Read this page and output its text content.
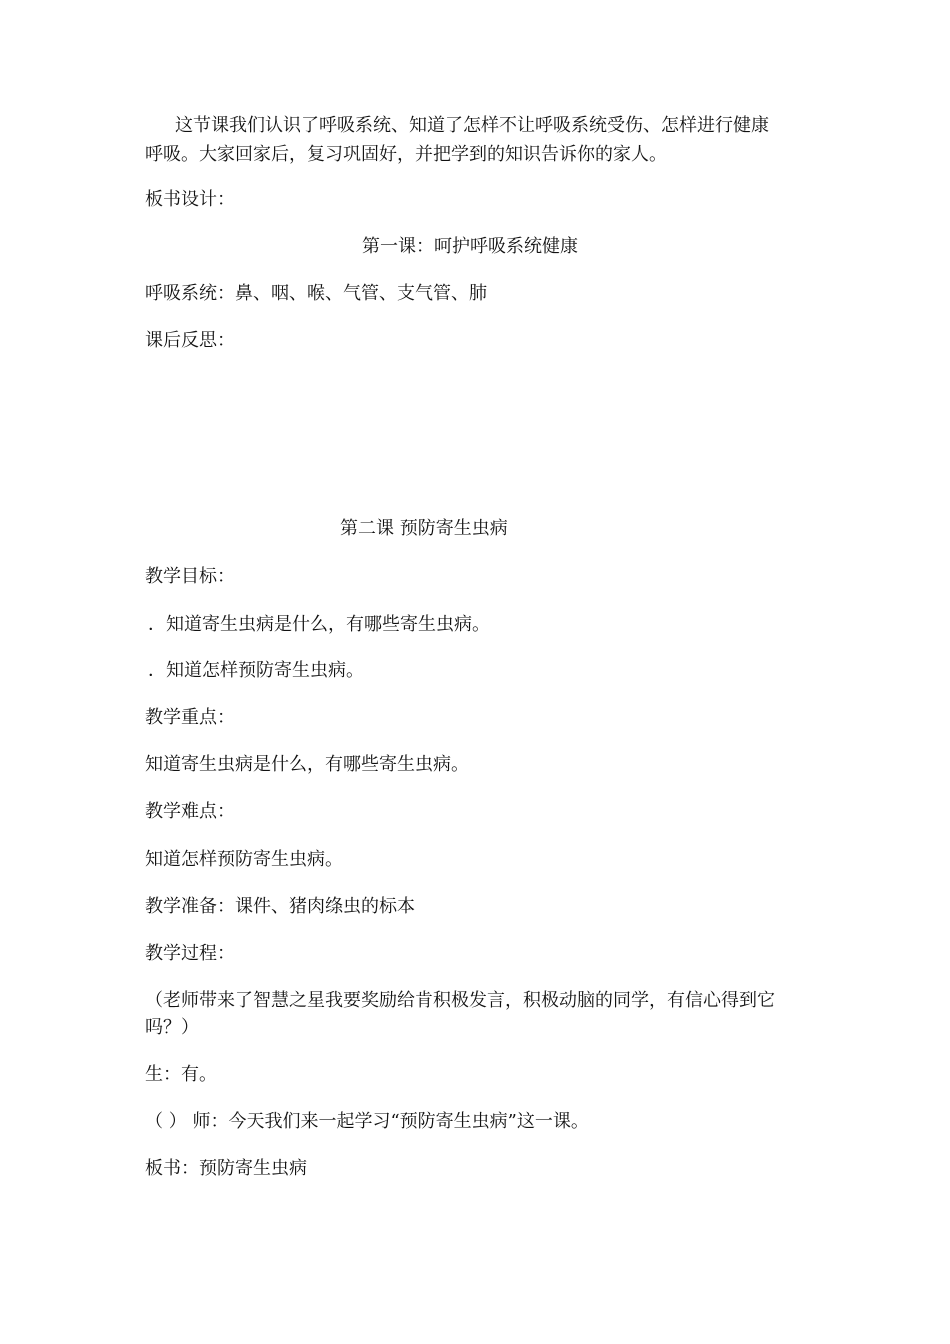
这节课我们认识了呼吸系统、知道了怎样不让呼吸系统受伤、怎样进行健康
呼吸。大家回家后，复习巩固好，并把学到的知识告诉你的家人。
板书设计：
第一课：呵护呼吸系统健康
呼吸系统：鼻、咽、喉、气管、支气管、肺
课后反思：
第二课 预防寄生虫病
教学目标：
．知道寄生虫病是什么，有哪些寄生虫病。
．知道怎样预防寄生虫病。
教学重点：
知道寄生虫病是什么，有哪些寄生虫病。
教学难点：
知道怎样预防寄生虫病。
教学准备：课件、猪肉绦虫的标本
教学过程：
（老师带来了智慧之星我要奖励给肯积极发言，积极动脑的同学，有信心得到它
吗？）
生：有。
（ ） 师：今天我们来一起学习“预防寄生虫病”这一课。
板书：预防寄生虫病
